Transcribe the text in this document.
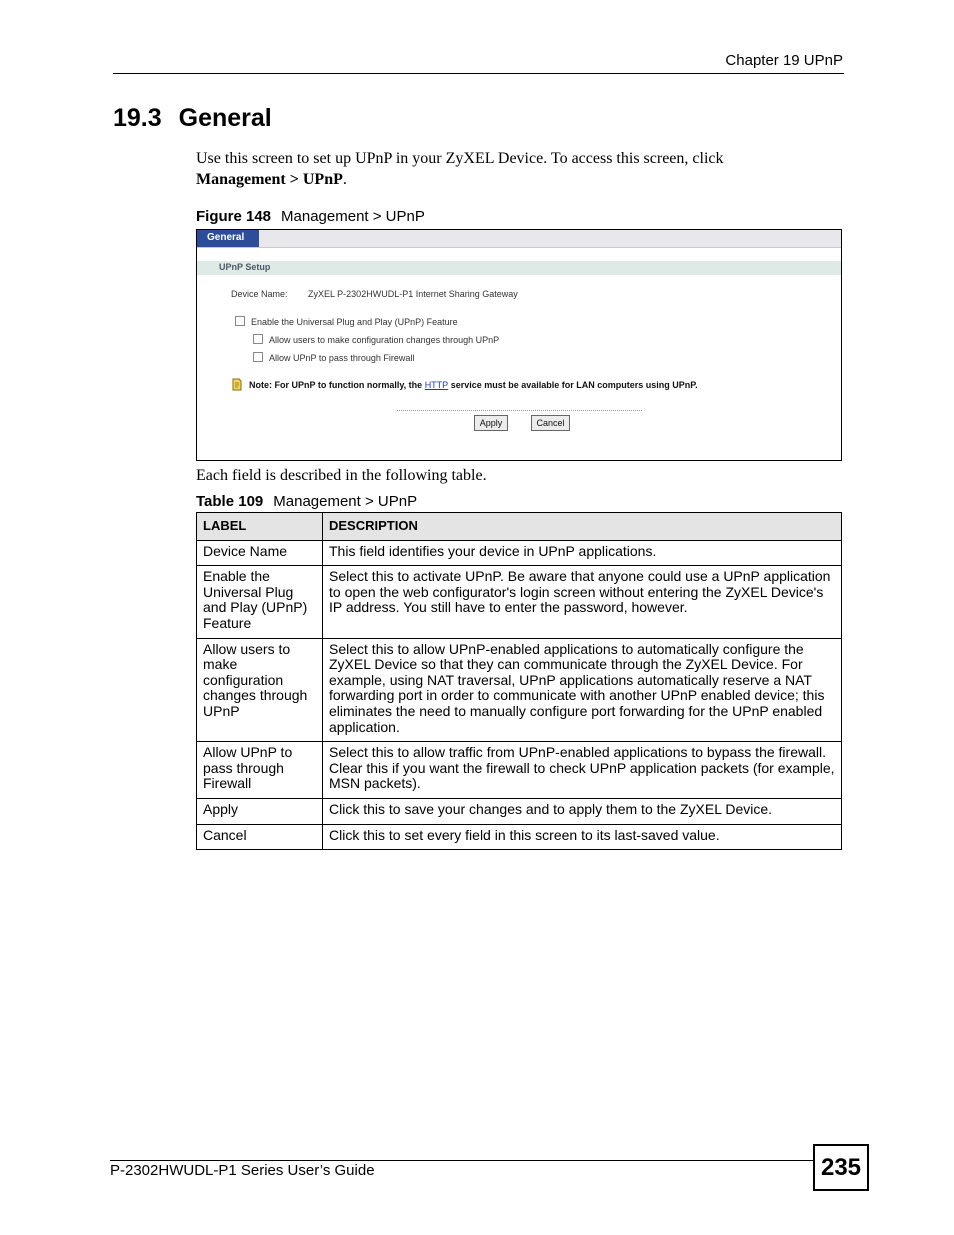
Chapter 19 UPnP
19.3 General
Use this screen to set up UPnP in your ZyXEL Device. To access this screen, click
Management > UPnP.
Figure 148 Management > UPnP
General
UPnP Setup
Device Name: ZyXEL P-2302HWUDL-P1 Internet Sharing Gateway
Enable the Universal Plug and Play (UPnP) Feature
Allow users to make configuration changes through UPnP
Allow UPnP to pass through Firewall
Note: For UPnP to function normally, the HTTP service must be available for LAN computers using UPnP.
Apply	Cancel
Each field is described in the following table.
Table 109 Management > UPnP
LABEL	DESCRIPTION
Device Name	This field identifies your device in UPnP applications.
Enable the Universal Plug and Play (UPnP) Feature	Select this to activate UPnP. Be aware that anyone could use a UPnP application to open the web configurator's login screen without entering the ZyXEL Device's IP address. You still have to enter the password, however.
Allow users to make configuration changes through UPnP	Select this to allow UPnP-enabled applications to automatically configure the ZyXEL Device so that they can communicate through the ZyXEL Device. For example, using NAT traversal, UPnP applications automatically reserve a NAT forwarding port in order to communicate with another UPnP enabled device; this eliminates the need to manually configure port forwarding for the UPnP enabled application.
Allow UPnP to pass through Firewall	Select this to allow traffic from UPnP-enabled applications to bypass the firewall. Clear this if you want the firewall to check UPnP application packets (for example, MSN packets).
Apply	Click this to save your changes and to apply them to the ZyXEL Device.
Cancel	Click this to set every field in this screen to its last-saved value.
P-2302HWUDL-P1 Series User’s Guide	235
